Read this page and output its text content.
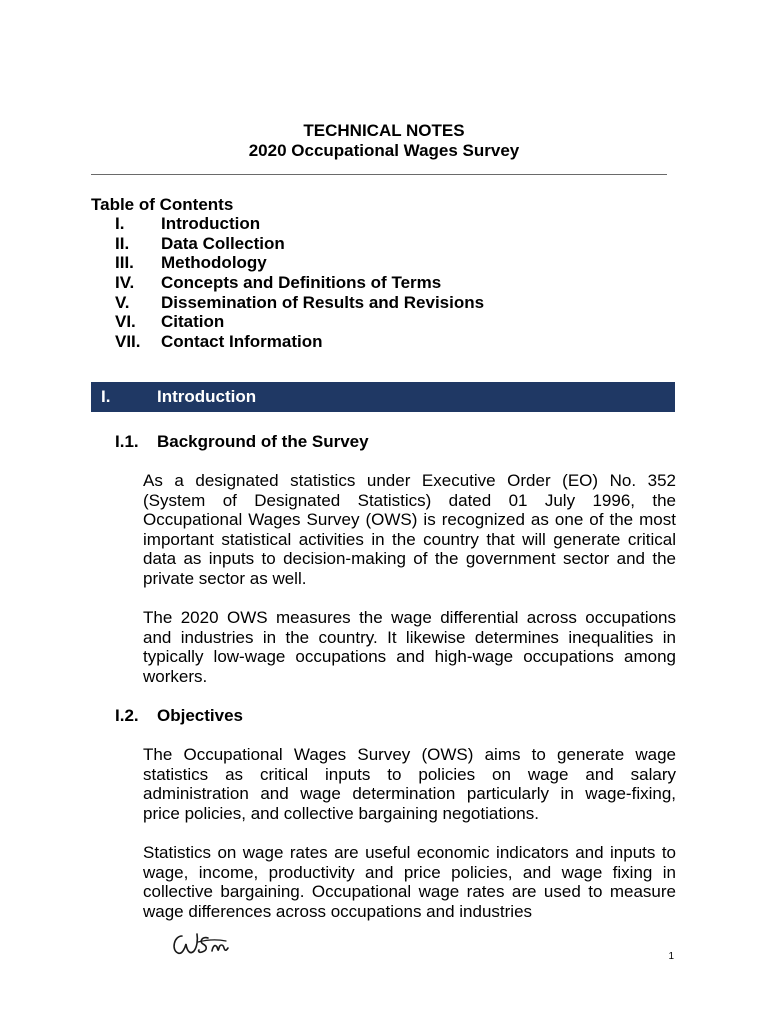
TECHNICAL NOTES
2020 Occupational Wages Survey
Table of Contents
I.	Introduction
II.	Data Collection
III.	Methodology
IV.	Concepts and Definitions of Terms
V.	Dissemination of Results and Revisions
VI.	Citation
VII.	Contact Information
I.	Introduction
I.1.	Background of the Survey

As a designated statistics under Executive Order (EO) No. 352 (System of Designated Statistics) dated 01 July 1996, the Occupational Wages Survey (OWS) is recognized as one of the most important statistical activities in the country that will generate critical data as inputs to decision-making of the government sector and the private sector as well.

The 2020 OWS measures the wage differential across occupations and industries in the country. It likewise determines inequalities in typically low-wage occupations and high-wage occupations among workers.

I.2.	Objectives

The Occupational Wages Survey (OWS) aims to generate wage statistics as critical inputs to policies on wage and salary administration and wage determination particularly in wage-fixing, price policies, and collective bargaining negotiations.

Statistics on wage rates are useful economic indicators and inputs to wage, income, productivity and price policies, and wage fixing in collective bargaining. Occupational wage rates are used to measure wage differences across occupations and industries

1
